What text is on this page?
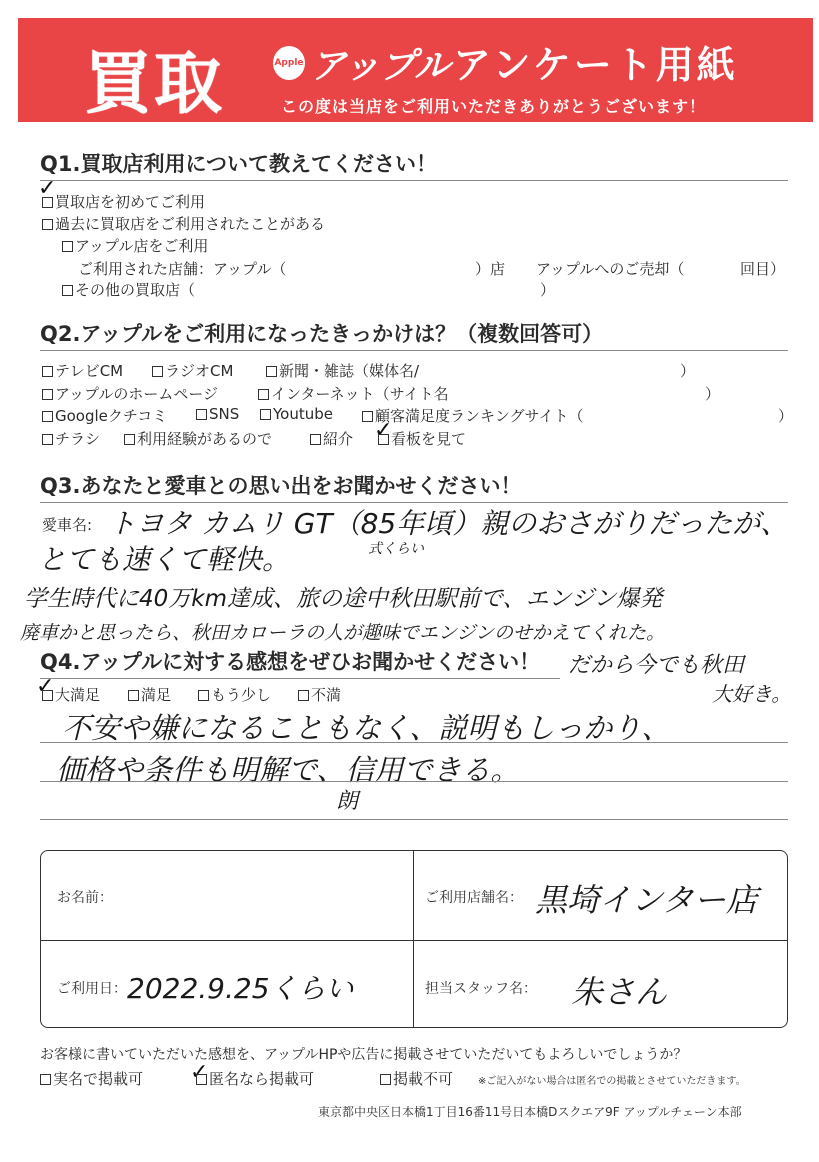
買取	Apple アップル アンケート用紙
この度は当店をご利用いただきありがとうございます！
Q1.買取店利用について教えてください！
✓
買取店を初めてご利用
過去に買取店をご利用されたことがある
アップル店をご利用
ご利用された店舗：アップル（	）店 アップルへのご売却（	回目）
その他の買取店（	）
Q2.アップルをご利用になったきっかけは？（複数回答可）
テレビCM	ラジオCM	新聞・雑誌（媒体名/	）
アップルのホームページ	インターネット（サイト名	）
Googleクチコミ	SNS	Youtube	顧客満足度ランキングサイト（	）
チラシ	利用経験があるので	紹介 ✓
看板を見て
Q3.あなたと愛車との思い出をお聞かせください！
愛車名: トヨタ カムリ GT（85年頃）親のおさがりだったが、
式くらい
とても速くて軽快。
学生時代に40万km達成、旅の途中秋田駅前で、エンジン爆発
廃車かと思ったら、秋田カローラの人が趣味でエンジンのせかえてくれた。
だから今でも秋田
大好き。
Q4.アップルに対する感想をぜひお聞かせください！
✓ 大満足	満足	もう少し	不満
不安や嫌になることもなく、説明もしっかり、
価格や条件も明解で、信用できる。
朗
お名前：	ご利用店舗名： 黒埼インター店
ご利用日： 2022.9.25くらい	担当スタッフ名： 朱さん
お客様に書いていただいた感想を、アップルHPや広告に掲載させていただいてもよろしいでしょうか？
実名で掲載可 ✓ 匿名なら掲載可	掲載不可 ※ご記入がない場合は匿名での掲載とさせていただきます。
東京都中央区日本橋1丁目16番11号日本橋Dスクエア9F アップルチェーン本部
